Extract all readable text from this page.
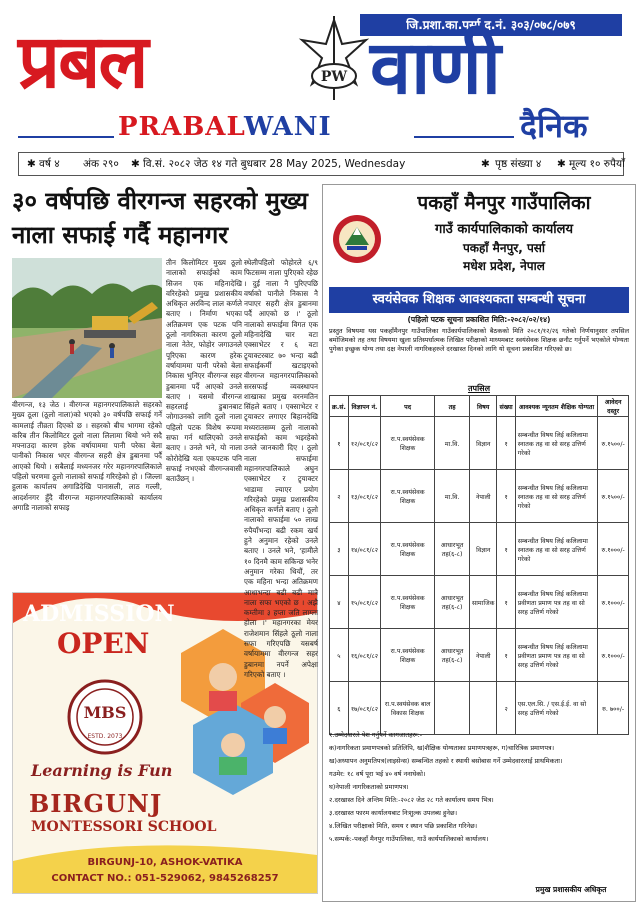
जि.प्रशा.का.पर्सा द.नं. ३०३/०७८/०७९
प्रबल	PW वाणी
PRABALWANI	दैनिक
✱ वर्ष ४ अंक २९० ✱ वि.सं. २०८२ जेठ १४ गते बुधबार 28 May 2025, Wednesday	✱ पृष्ठ संख्या ४ ✱ मूल्य १० रुपैयाँ
३० वर्षपछि वीरगन्ज सहरको मुख्य नाला सफाई गर्दै महानगर
वीरगन्ज, १३ जेठ । वीरगन्ज महानगरपालिकाले सहरको मुख्य ठूला (ठूलो नाला)को भएको ३० वर्षपछि सफाई गर्ने कामलाई तीव्रता दिएको छ । सहरको बीच भागमा रहेको करिब तीन किलोमिटर ठूलो नाला लिलामा थियो भने सदै मफ्नाउदा कारण हरेक वर्षायाममा पानी परेका बेला पानीको निकास भएर वीरगन्ज सहरी क्षेत्र डुबानमा पर्दै आएको थियो । सबैलाई मध्यनजर गरेर महानगरपालिकाले पहिलो चरणमा ठूलो नालाको सफाई गरिरहेको हो । जिल्ला हुलाक कार्यालय अगाडिदेखि पानासली, लाठ गल्ली, आदर्शनगर हुँदै वीरगन्ज महानगरपालिकाको कार्यालय अगाडि नालाको सफाइ
तीन किलोमिटर मुख्य ठूलो नालाको सफाईको काम सिजन एक महिनादेखि वरिरहेको प्रमुख प्रशासकीय अधिकृत अरविन्द लाल कर्णले बताए । निर्माण भएका अतिक्रमण एक पटक पनि ठूलो नागरिकता कारण ठूलो नाला नेतेर, फोहोर जगाउनले पूरिएका कारण हरेक वर्षायाममा पानी परेको बेला निकास भुनिएर वीरगन्ज सहर डुबानमा पर्दै आएको उनले बताए । यसमो वीरगन्ज सहरलाई डुबानबाट जोगाउनको लागि ठूलो नाला पहिलो पटक विशेष रूपमा सफा गर्न थालिएको उनले बताए । उनले भने, यो नाला कोरोदेखि यता एकपटक पनि सफाई नभएको वीरगन्जवासी बताउँछन् ।
ADMISSION
OPEN
MBS
ESTD. 2073
Learning is Fun
BIRGUNJ
MONTESSORI SCHOOL
BIRGUNJ-10, ASHOK-VATIKA
CONTACT NO.: 051-529062, 9845268257
पकहाँ मैनपुर गाउँपालिका
गाउँ कार्यपालिकाको कार्यालय
पकहाँ मैनपुर, पर्सा
मधेश प्रदेश, नेपाल
स्वयंसेवक शिक्षक आवश्यकता सम्बन्धी सूचना
(पहिलो पटक सूचना प्रकाशित मिति:-२०८२/०२/१४)
प्रस्तुत विषयमा यस पकहाँमैनपुर गाउँपालिका गाउँकार्यपालिकाको बैठकको मिति २०८१/१२/२६ गतेको निर्णयानुसार तपसिल बमोजिमको तह तथा विषयमा खुला प्रतिस्पर्धात्मक लिखित परीक्षाको माध्यमबाट स्वयंसेवक शिक्षक छनौट गर्नुपर्ने भएकोले योग्यता पुगेका इच्छुक योग्य तथा दक्ष नेपाली नागरिकहरुले दरखास्त दिनको लागि यो सूचना प्रकाशित गरिएको छ।
तपसिल
क्र.सं.	विज्ञापन नं.	पद	तह	विषय	संख्या	आवश्यक न्यूनतम शैक्षिक योग्यता	आवेदन दस्तुर
१	१२/०८१/८२	रा.प.स्वयंसेवक शिक्षक	मा.वि.	विज्ञान	१	सम्बन्धीत विषय लिई कलिलामा स्नातक तह वा सो सरह उत्तिर्ण गरेको	रु.१५००/-
२	१३/०८१/८२	रा.प.स्वयंसेवक शिक्षक	मा.वि.	नेपाली	१	सम्बन्धीत विषय लिई कलिलामा स्नातक तह वा सो सरह उत्तिर्ण गरेको	रु.१५००/-
३	१४/०८१/८२	रा.प.स्वयंसेवक शिक्षक	आधारभूत तह(६-८)	विज्ञान	१	सम्बन्धीत विषय लिई कलिलामा स्नातक तह वा सो सरह उत्तिर्ण गरेको	रु.१०००/-
४	१५/०८१/८२	रा.प.स्वयंसेवक शिक्षक	आधारभूत तह(६-८)	सामाजिक	१	सम्बन्धीत विषय लिई कलिलामा प्रवीणता प्रमाण पत्र तह वा सो सरह उत्तिर्ण गरेको	रु.१०००/-
५	१६/०८१/८२	रा.प.स्वयंसेवक शिक्षक	आधारभूत तह(६-८)	नेपाली	१	सम्बन्धीत विषय लिई कलिलामा प्रवीणता प्रमाण पत्र तह वा सो सरह उत्तिर्ण गरेको	रु.१०००/-
६	१७/०८१/८२	रा.प.स्वयंसेवक बाल विकास शिक्षक			२	एस.एल.सि. / एस.ई.ई. वा सो सरह उत्तिर्ण गरेको	रु. ७००/-
१.उम्मेदवारले पेश गर्नुपर्ने कागजातहरू:-
क)नागरिकता प्रमाणपत्रको प्रतिलिपि, ख)शैक्षिक योग्यताका प्रमाणपत्रहरू, ग)चारित्रिक प्रमाणपत्र।
ख)अध्यापन अनुमतिपत्र(लाइसेन्स) सम्बन्धित तहको र स्थायी बसोबास गर्ने उम्मेदवारलाई प्राथमिकता।
गउमेर: १८ वर्ष पूरा भई ४० वर्ष ननाघेको।
घ)नेपाली नागरिकताको प्रमाणपत्र।
२.दरखास्त दिने अन्तिम मिति:-२०८२ जेठ २८ गते कार्यालय समय भित्र।
३.दरखास्त फारम कार्यालयबाट निःशुल्क उपलब्ध हुनेछ।
४.लिखित परीक्षाको मिति, समय र स्थान पछि प्रकाशित गरिनेछ।
५.सम्पर्क:-पकहाँ मैनपुर गाउँपालिका, गाउँ कार्यपालिकाको कार्यालय।
प्रमुख प्रशासकीय अधिकृत
स्थेलीपहिलो फोहोरले ६/९ फिटसम्म नाला पुरिएको रहेछ । दुई नाला नै पुरिएपछि वर्षाको पानीले निकास नै नपाएर सहरी क्षेत्र डुबानमा पर्दै आएको छ ।' ठूलो नालाको सफाईमा विगत एक महिनादेखि चार वटा एक्साभेटर र ६ वटा ट्र्याक्टरबाट ७० भन्दा बढी सफाईकर्मी खटाइएको वीरगन्ज महानगरपालिकाको सरसफाई व्यवस्थापन शाखाका प्रमुख वरनमतिन सिंहले बताए । एक्साभेटर र ट्र्याक्टर लगाएर बिहानदेखि मध्यरातसम्म ठूलो नालाको सफाईको काम भइरहेको उनले जानकारी दिए । ठूलो नाला सफाईमा महानगरपालिकाले अघुन एक्साभेटर र ट्र्याक्टर भाडामा ल्याएर प्रयोग गरिरहेको प्रमुख प्रशासकीय अधिकृत कर्णले बताए । ठूलो नालाको सफाईमा ५० लाख रुपैयाँभन्दा बढी रकम खर्च हुने अनुमान रहेको उनले बताए । उनले भने, 'हामीले १० दिनमै काम सकिन्छ भनेर अनुमान गरेका थियौं, तर एक महिना भन्दा अतिक्रमण आधाभन्दा बढी बढी मात्रै नाला सफा भएको छ । अझै कम्तीमा ३ हप्ता जति लाग्ला होला ।' महानगरका मेयर राजेशमान सिंहले ठूलो नाला सफा गरिएपछि यसबर्ष वर्षायाममा वीरगन्ज सहर डुबानमा नपर्ने अपेक्षा गरिएको बताए ।
